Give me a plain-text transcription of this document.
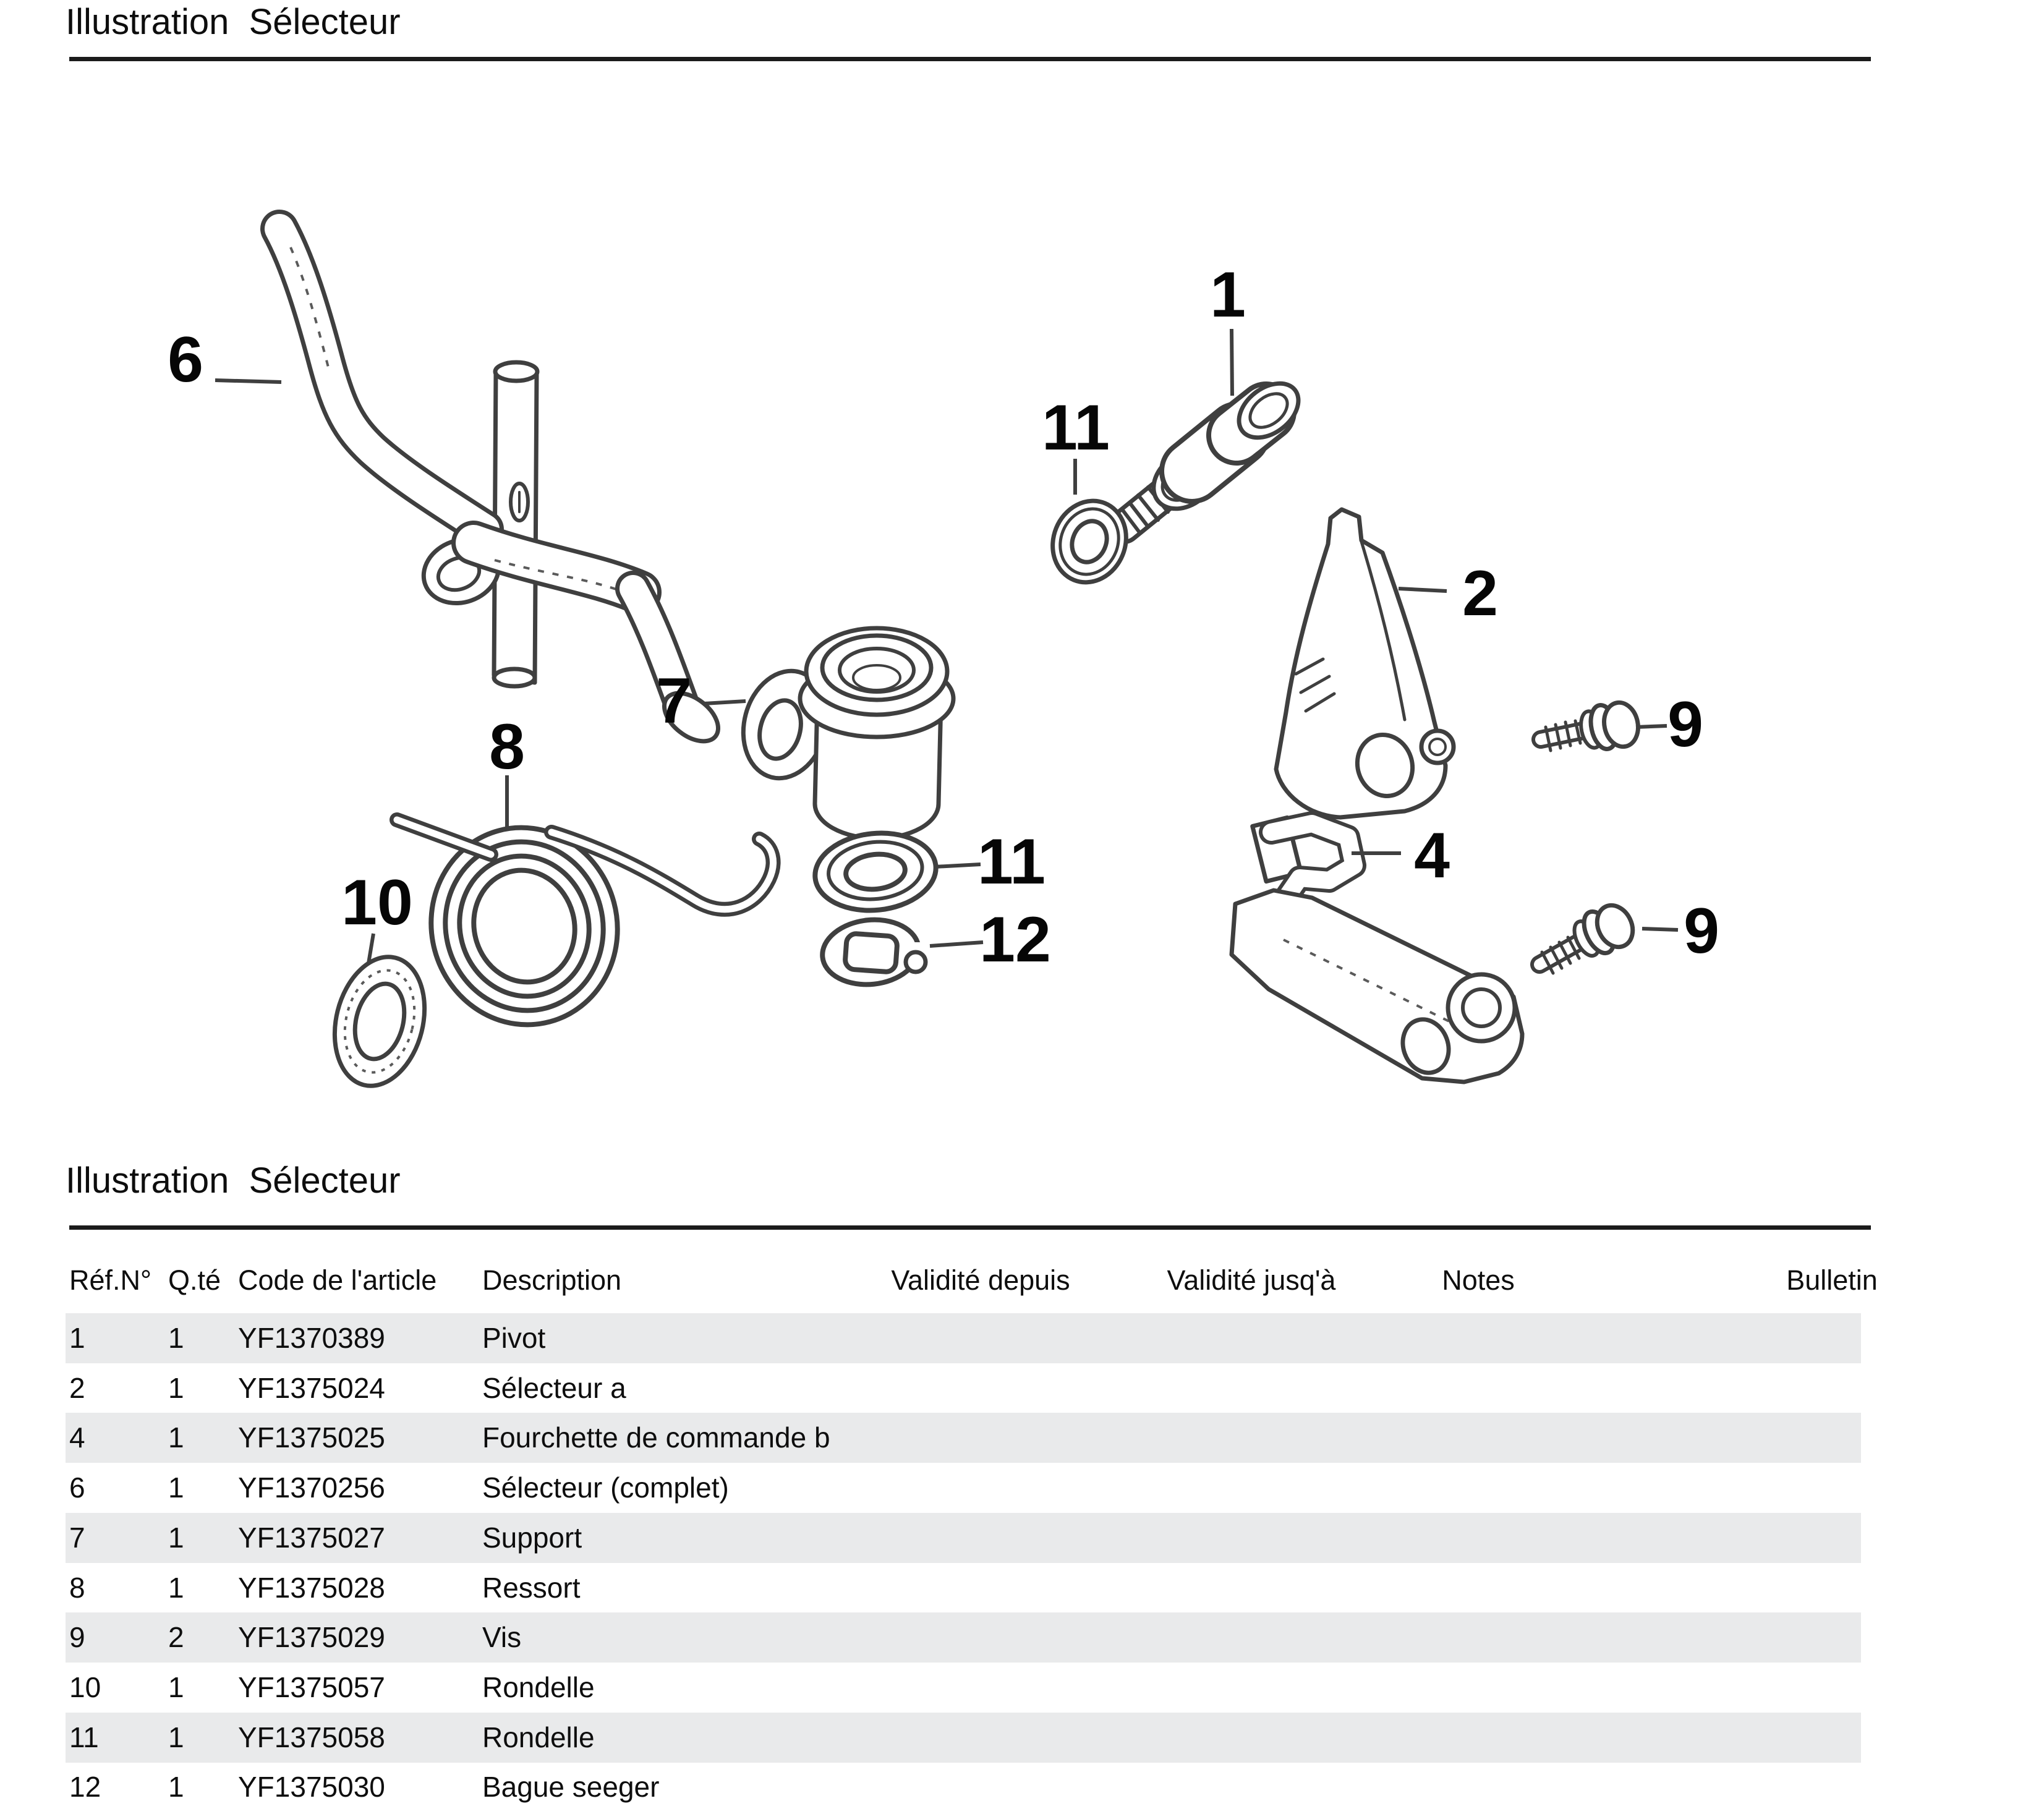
Illustration  Sélecteur
6
1
11
2
9
7
8
10
11
12
4
9
Illustration  Sélecteur
Réf.N° Q.té Code de l'article Description	Validité depuis	Validité jusq'à	Notes	Bulletin
1	1 YF1370389	Pivot
2	1 YF1375024	Sélecteur a
4	1 YF1375025	Fourchette de commande b
6	1 YF1370256	Sélecteur (complet)
7	1 YF1375027	Support
8	1 YF1375028	Ressort
9	2 YF1375029	Vis
10 1 YF1375057	Rondelle
11 1 YF1375058	Rondelle
12 1 YF1375030	Bague seeger
